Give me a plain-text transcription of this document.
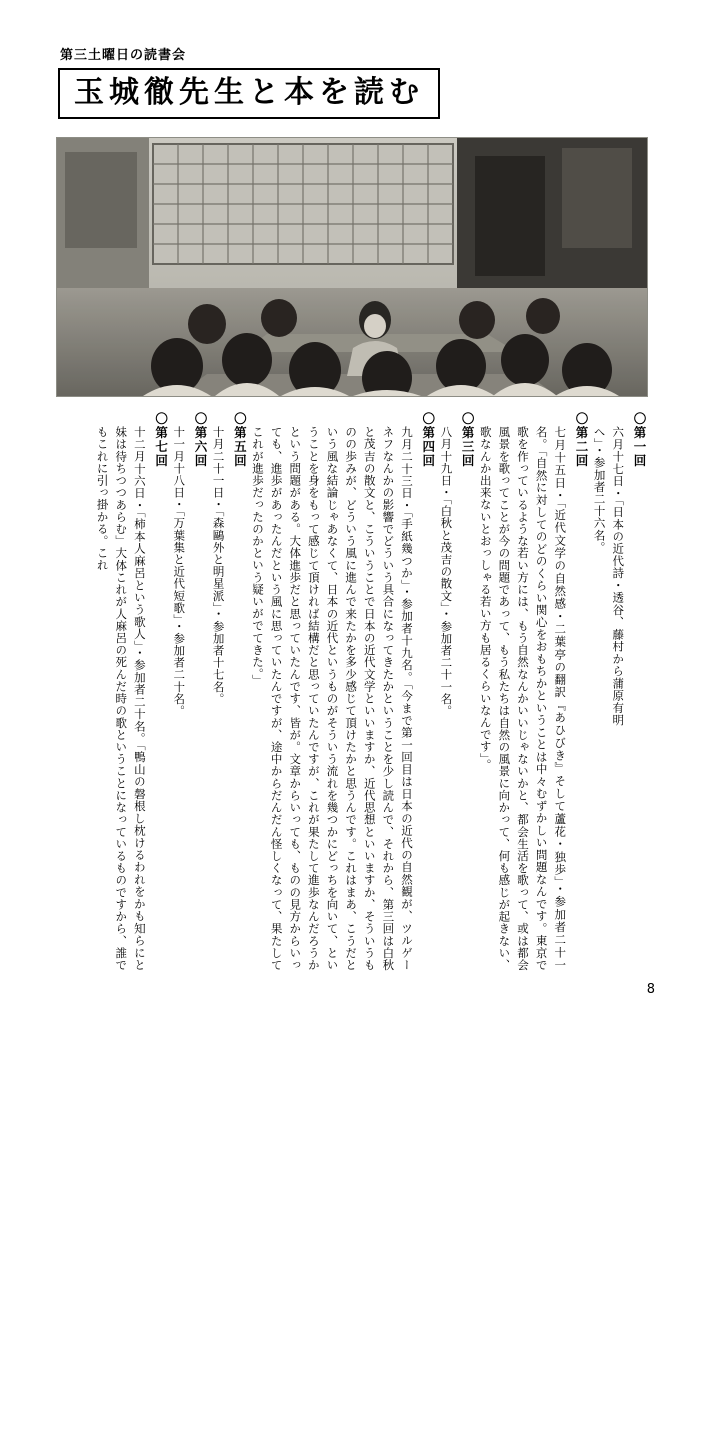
第三土曜日の読書会
玉城徹先生と本を読む
〇第一回
六月十七日・「日本の近代詩・透谷、藤村から蒲原有明へ」・参加者二十六名。
〇第二回
七月十五日・「近代文学の自然感・二葉亭の翻訳『あひびき』そして蘆花・独歩」・参加者二十一名。「自然に対してのどのくらい関心をおもちかということは中々むずかしい問題なんです。東京で歌を作っているような若い方には、もう自然なんかいいじゃないかと、都会生活を歌って、或は都会風景を歌ってことが今の問題であって、もう私たちは自然の風景に向かって、何も感じが起きない、歌なんか出来ないとおっしゃる若い方も居るくらいなんです」。
〇第三回
八月十九日・「白秋と茂吉の散文」・参加者二十一名。
〇第四回
九月二十三日・「手紙幾つか」・参加者十九名。「今まで第一回目は日本の近代の自然観が、ツルゲーネフなんかの影響でどういう具合になってきたかということを少し読んで、それから、第三回は白秋と茂吉の散文と、こういうことで日本の近代文学といいますか、近代思想といいますか、そういうものの歩みが、どういう風に進んで来たかを多少感じて頂けたかと思うんです。これはまあ、こうだという風な結論じゃあなくて、日本の近代というものがそういう流れを幾つかにどっちを向いて、ということを身をもって感じて頂ければ結構だと思っていたんですが、これが果たして進歩なんだろうかという問題がある。大体進歩だと思っていたんです、皆が。文章からいっても、ものの見方からいっても、進歩があったんだという風に思っていたんですが、途中からだんだん怪しくなって、果たしてこれが進歩だったのかという疑いがでてきた。」
〇第五回
十月二十一日・「森鷗外と明星派」・参加者十七名。
〇第六回
十一月十八日・「万葉集と近代短歌」・参加者二十名。
〇第七回
十二月十六日・「柿本人麻呂という歌人」・参加者二十名。「鴨山の磐根し枕けるわれをかも知らにと妹は待ちつつあらむ」大体これが人麻呂の死んだ時の歌ということになっているものですから、誰でもこれに引っ掛かる。これ
8
